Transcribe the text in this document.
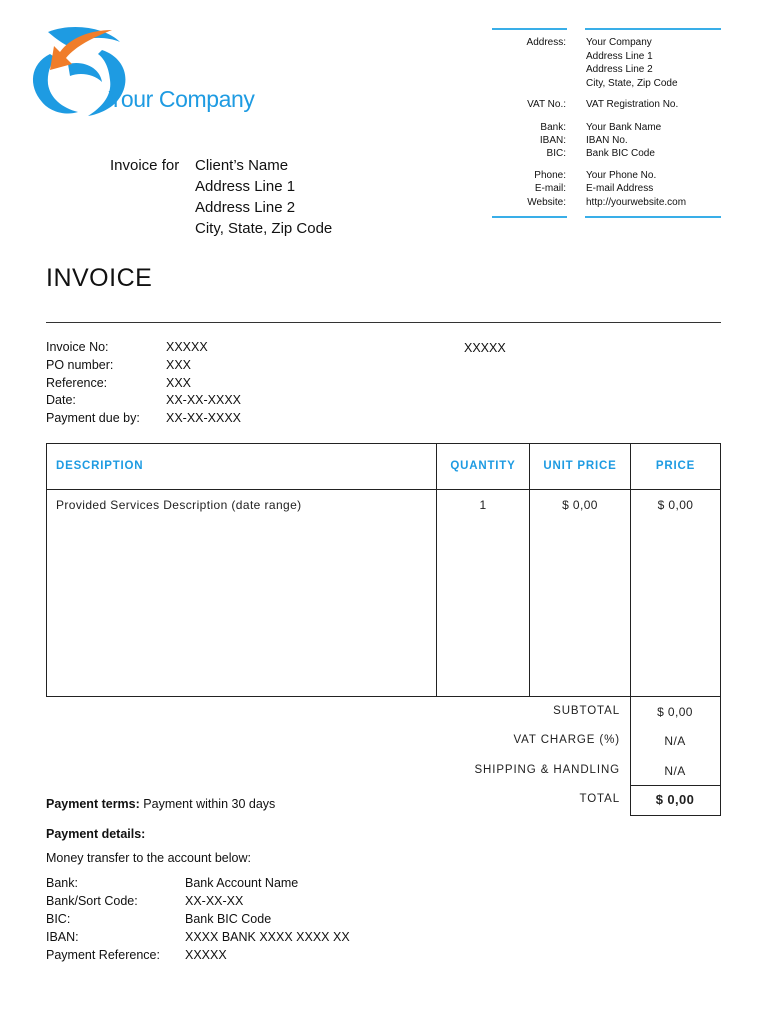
Your Company
Address: Your Company
Address Line 1
Address Line 2
City, State, Zip Code
VAT No.: VAT Registration No.
Bank: Your Bank Name
IBAN: IBAN No.
BIC: Bank BIC Code
Phone: Your Phone No.
E-mail: E-mail Address
Website: http://yourwebsite.com
Invoice for Client’s Name
Address Line 1
Address Line 2
City, State, Zip Code
INVOICE
Invoice No:	XXXXX
PO number:	XXX
Reference:	XXX
Date:	XX-XX-XXXX
Payment due by:	XX-XX-XXXX
XXXXX
DESCRIPTION	QUANTITY	UNIT PRICE	PRICE
Provided Services Description (date range)	1	$ 0,00	$ 0,00
SUBTOTAL	$ 0,00
VAT CHARGE (%)	N/A
SHIPPING & HANDLING	N/A
TOTAL	$ 0,00
Payment terms: Payment within 30 days
Payment details:
Money transfer to the account below:
Bank:	Bank Account Name
Bank/Sort Code:	XX-XX-XX
BIC:	Bank BIC Code
IBAN:	XXXX BANK XXXX XXXX XX
Payment Reference:	XXXXX
